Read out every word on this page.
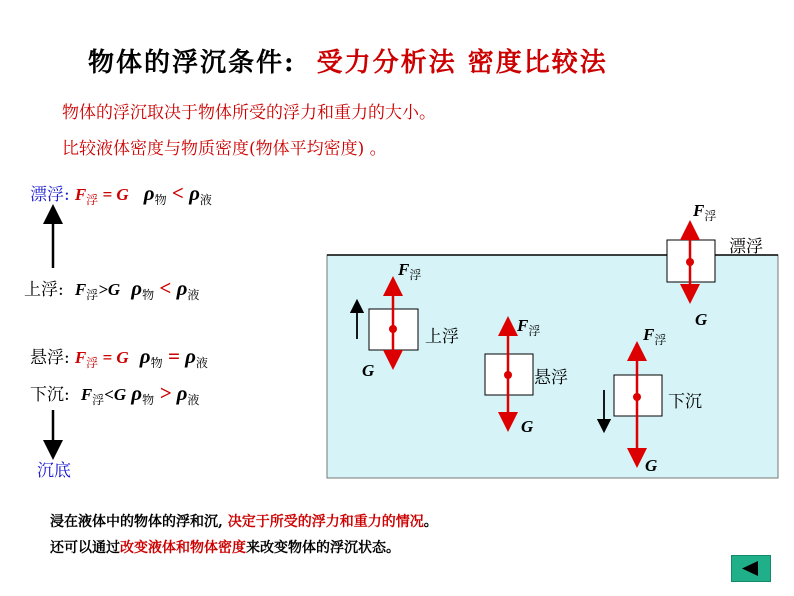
物体的浮沉条件: 受力分析法 密度比较法
物体的浮沉取决于物体所受的浮力和重力的大小。
比较液体密度与物质密度(物体平均密度) 。
漂浮: $F_浮 = G$ $\rho_物 < \rho_液$
上浮: $F_浮>G$ $\rho_物 < \rho_液$
悬浮: $F_浮 = G$ $\rho_物 = \rho_液$
下沉: $F_浮<G$ $\rho_物 > \rho_液$
沉底
$F_浮$
漂浮
G
$F_浮$
上浮
G
$F_浮$
悬浮
G
$F_浮$
下沉
G
浸在液体中的物体的浮和沉, 决定于所受的浮力和重力的情况。
还可以通过改变液体和物体密度来改变物体的浮沉状态。
